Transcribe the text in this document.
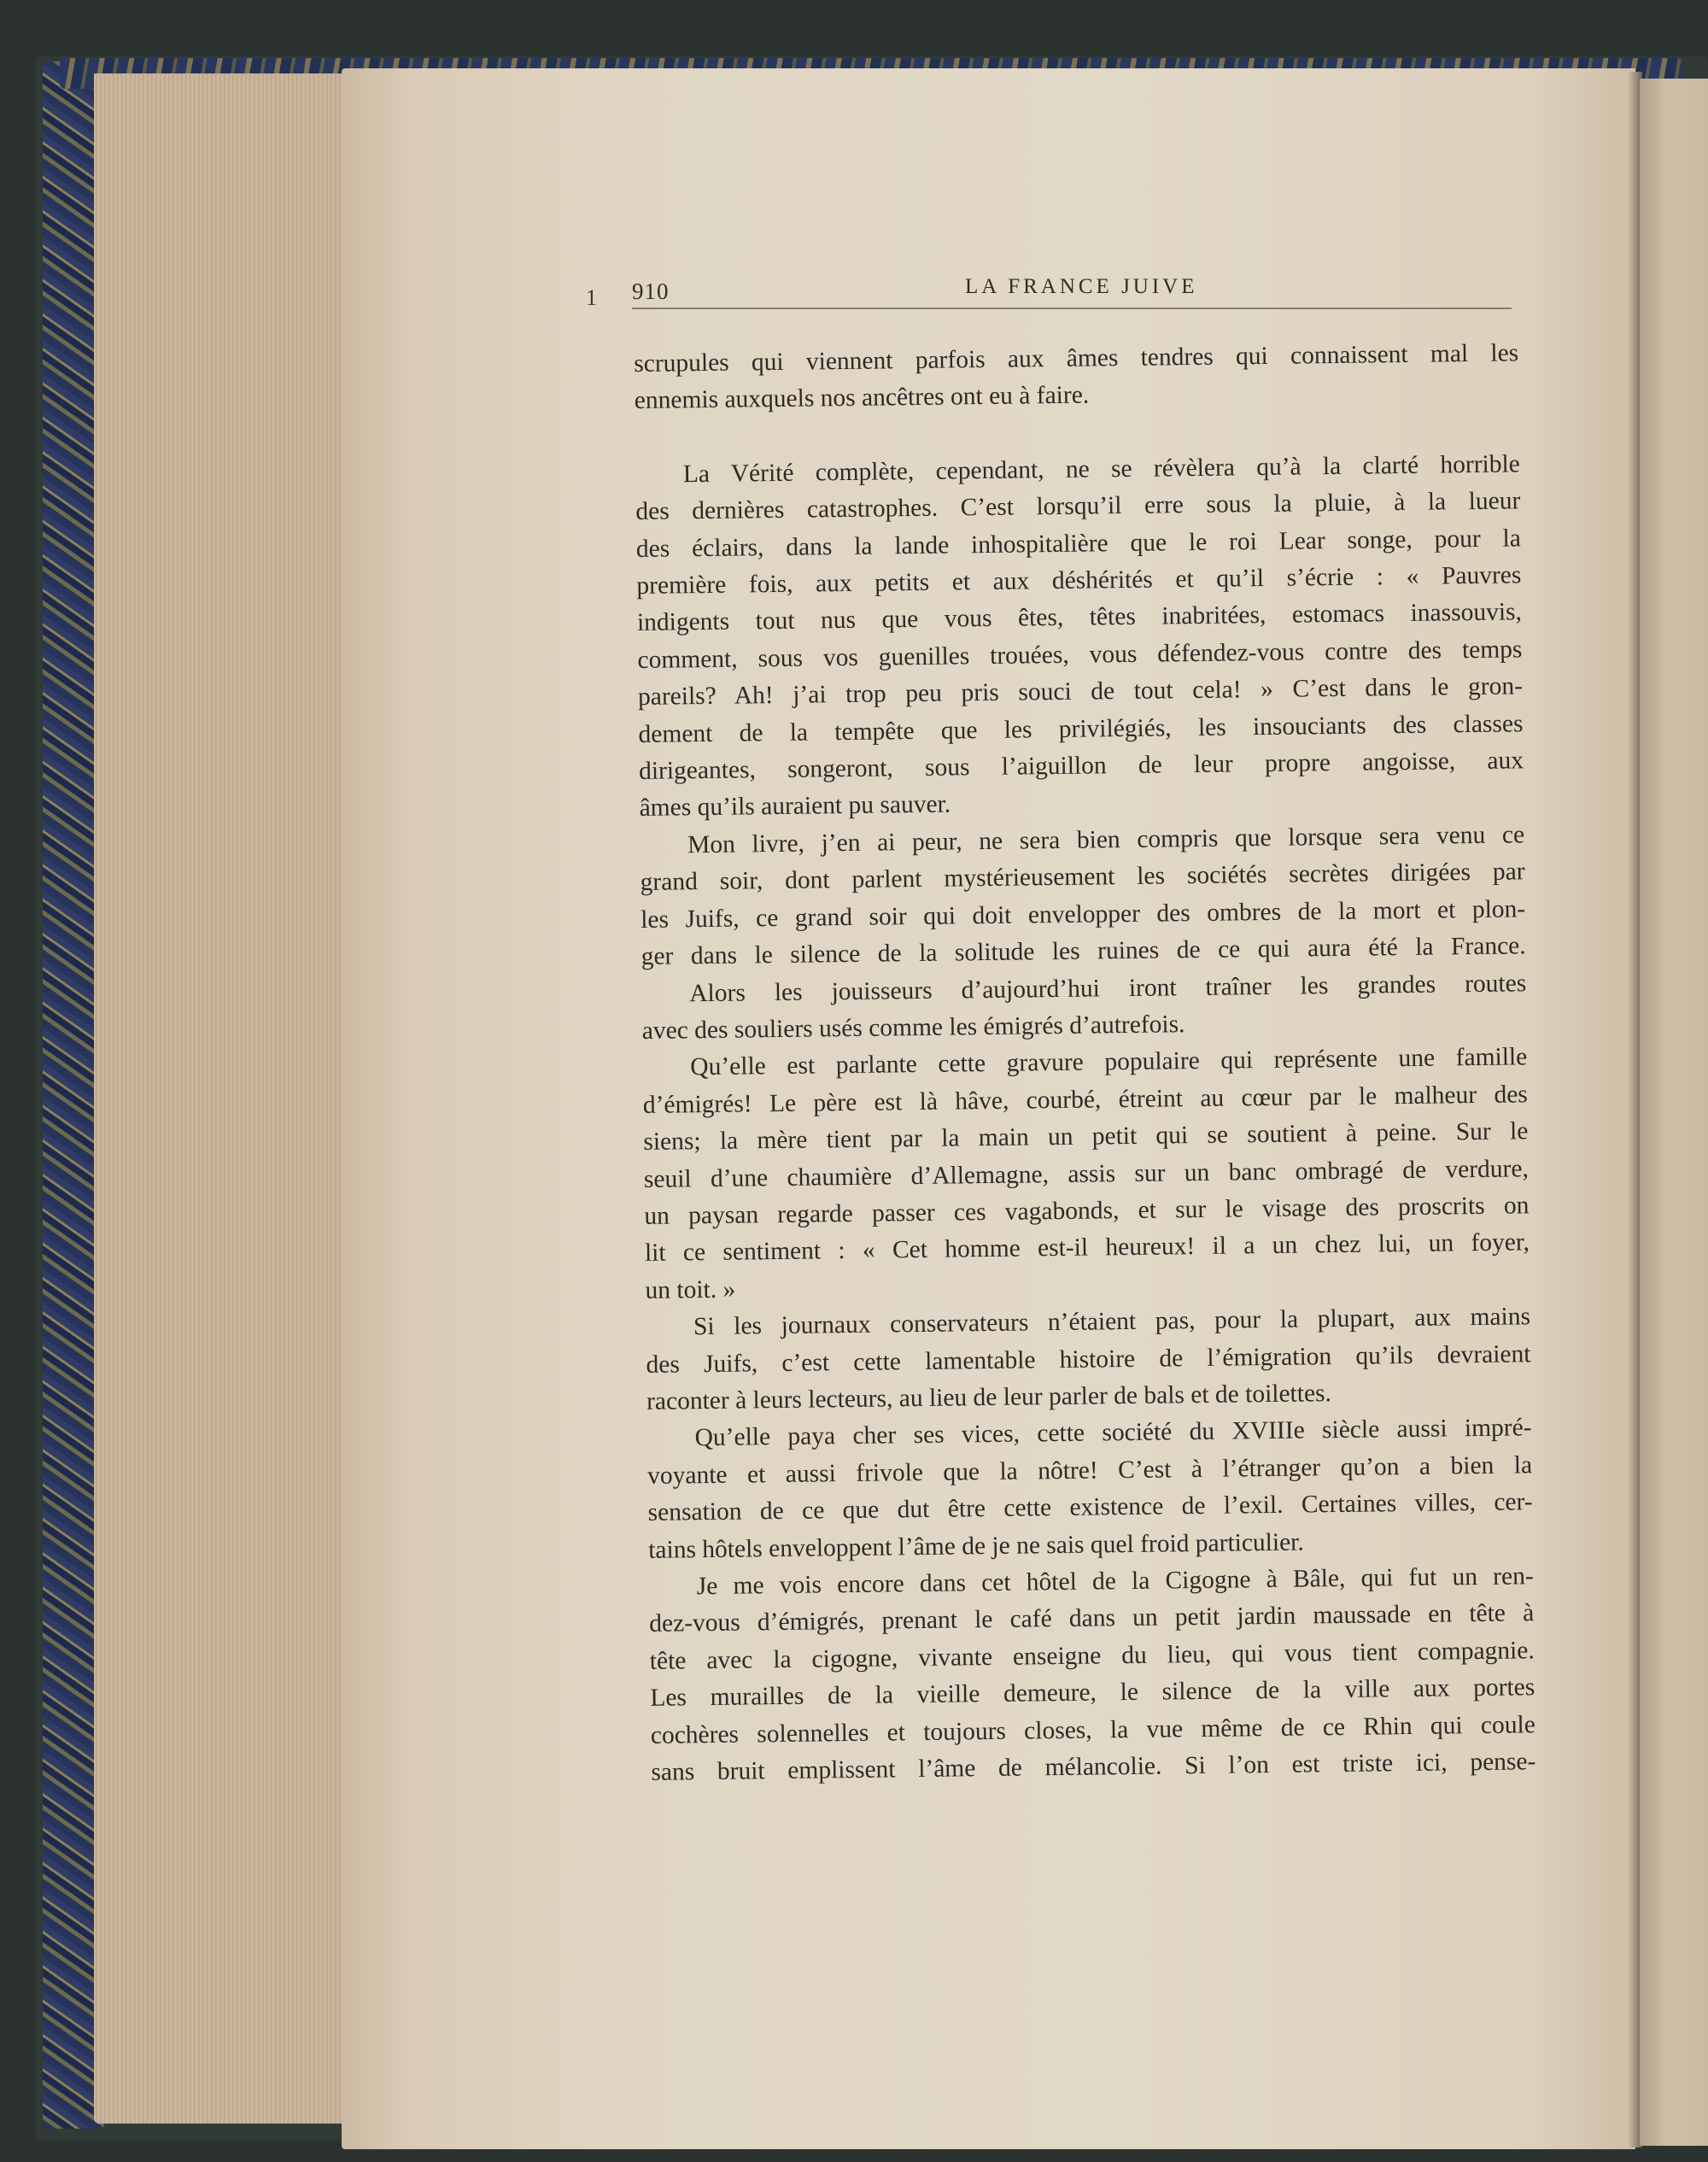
1 910	LA FRANCE JUIVE
scrupules qui viennent parfois aux âmes tendres qui connaissent mal les
ennemis auxquels nos ancêtres ont eu à faire.
La Vérité complète, cependant, ne se révèlera qu’à la clarté horrible
des dernières catastrophes. C’est lorsqu’il erre sous la pluie, à la lueur
des éclairs, dans la lande inhospitalière que le roi Lear songe, pour la
première fois, aux petits et aux déshérités et qu’il s’écrie : « Pauvres
indigents tout nus que vous êtes, têtes inabritées, estomacs inassouvis,
comment, sous vos guenilles trouées, vous défendez-vous contre des temps
pareils? Ah! j’ai trop peu pris souci de tout cela! » C’est dans le gron-
dement de la tempête que les privilégiés, les insouciants des classes
dirigeantes, songeront, sous l’aiguillon de leur propre angoisse, aux
âmes qu’ils auraient pu sauver.
Mon livre, j’en ai peur, ne sera bien compris que lorsque sera venu ce
grand soir, dont parlent mystérieusement les sociétés secrètes dirigées par
les Juifs, ce grand soir qui doit envelopper des ombres de la mort et plon-
ger dans le silence de la solitude les ruines de ce qui aura été la France.
Alors les jouisseurs d’aujourd’hui iront traîner les grandes routes
avec des souliers usés comme les émigrés d’autrefois.
Qu’elle est parlante cette gravure populaire qui représente une famille
d’émigrés! Le père est là hâve, courbé, étreint au cœur par le malheur des
siens; la mère tient par la main un petit qui se soutient à peine. Sur le
seuil d’une chaumière d’Allemagne, assis sur un banc ombragé de verdure,
un paysan regarde passer ces vagabonds, et sur le visage des proscrits on
lit ce sentiment : « Cet homme est-il heureux! il a un chez lui, un foyer,
un toit. »
Si les journaux conservateurs n’étaient pas, pour la plupart, aux mains
des Juifs, c’est cette lamentable histoire de l’émigration qu’ils devraient
raconter à leurs lecteurs, au lieu de leur parler de bals et de toilettes.
Qu’elle paya cher ses vices, cette société du XVIIIe siècle aussi impré-
voyante et aussi frivole que la nôtre! C’est à l’étranger qu’on a bien la
sensation de ce que dut être cette existence de l’exil. Certaines villes, cer-
tains hôtels enveloppent l’âme de je ne sais quel froid particulier.
Je me vois encore dans cet hôtel de la Cigogne à Bâle, qui fut un ren-
dez-vous d’émigrés, prenant le café dans un petit jardin maussade en tête à
tête avec la cigogne, vivante enseigne du lieu, qui vous tient compagnie.
Les murailles de la vieille demeure, le silence de la ville aux portes
cochères solennelles et toujours closes, la vue même de ce Rhin qui coule
sans bruit emplissent l’âme de mélancolie. Si l’on est triste ici, pense-
